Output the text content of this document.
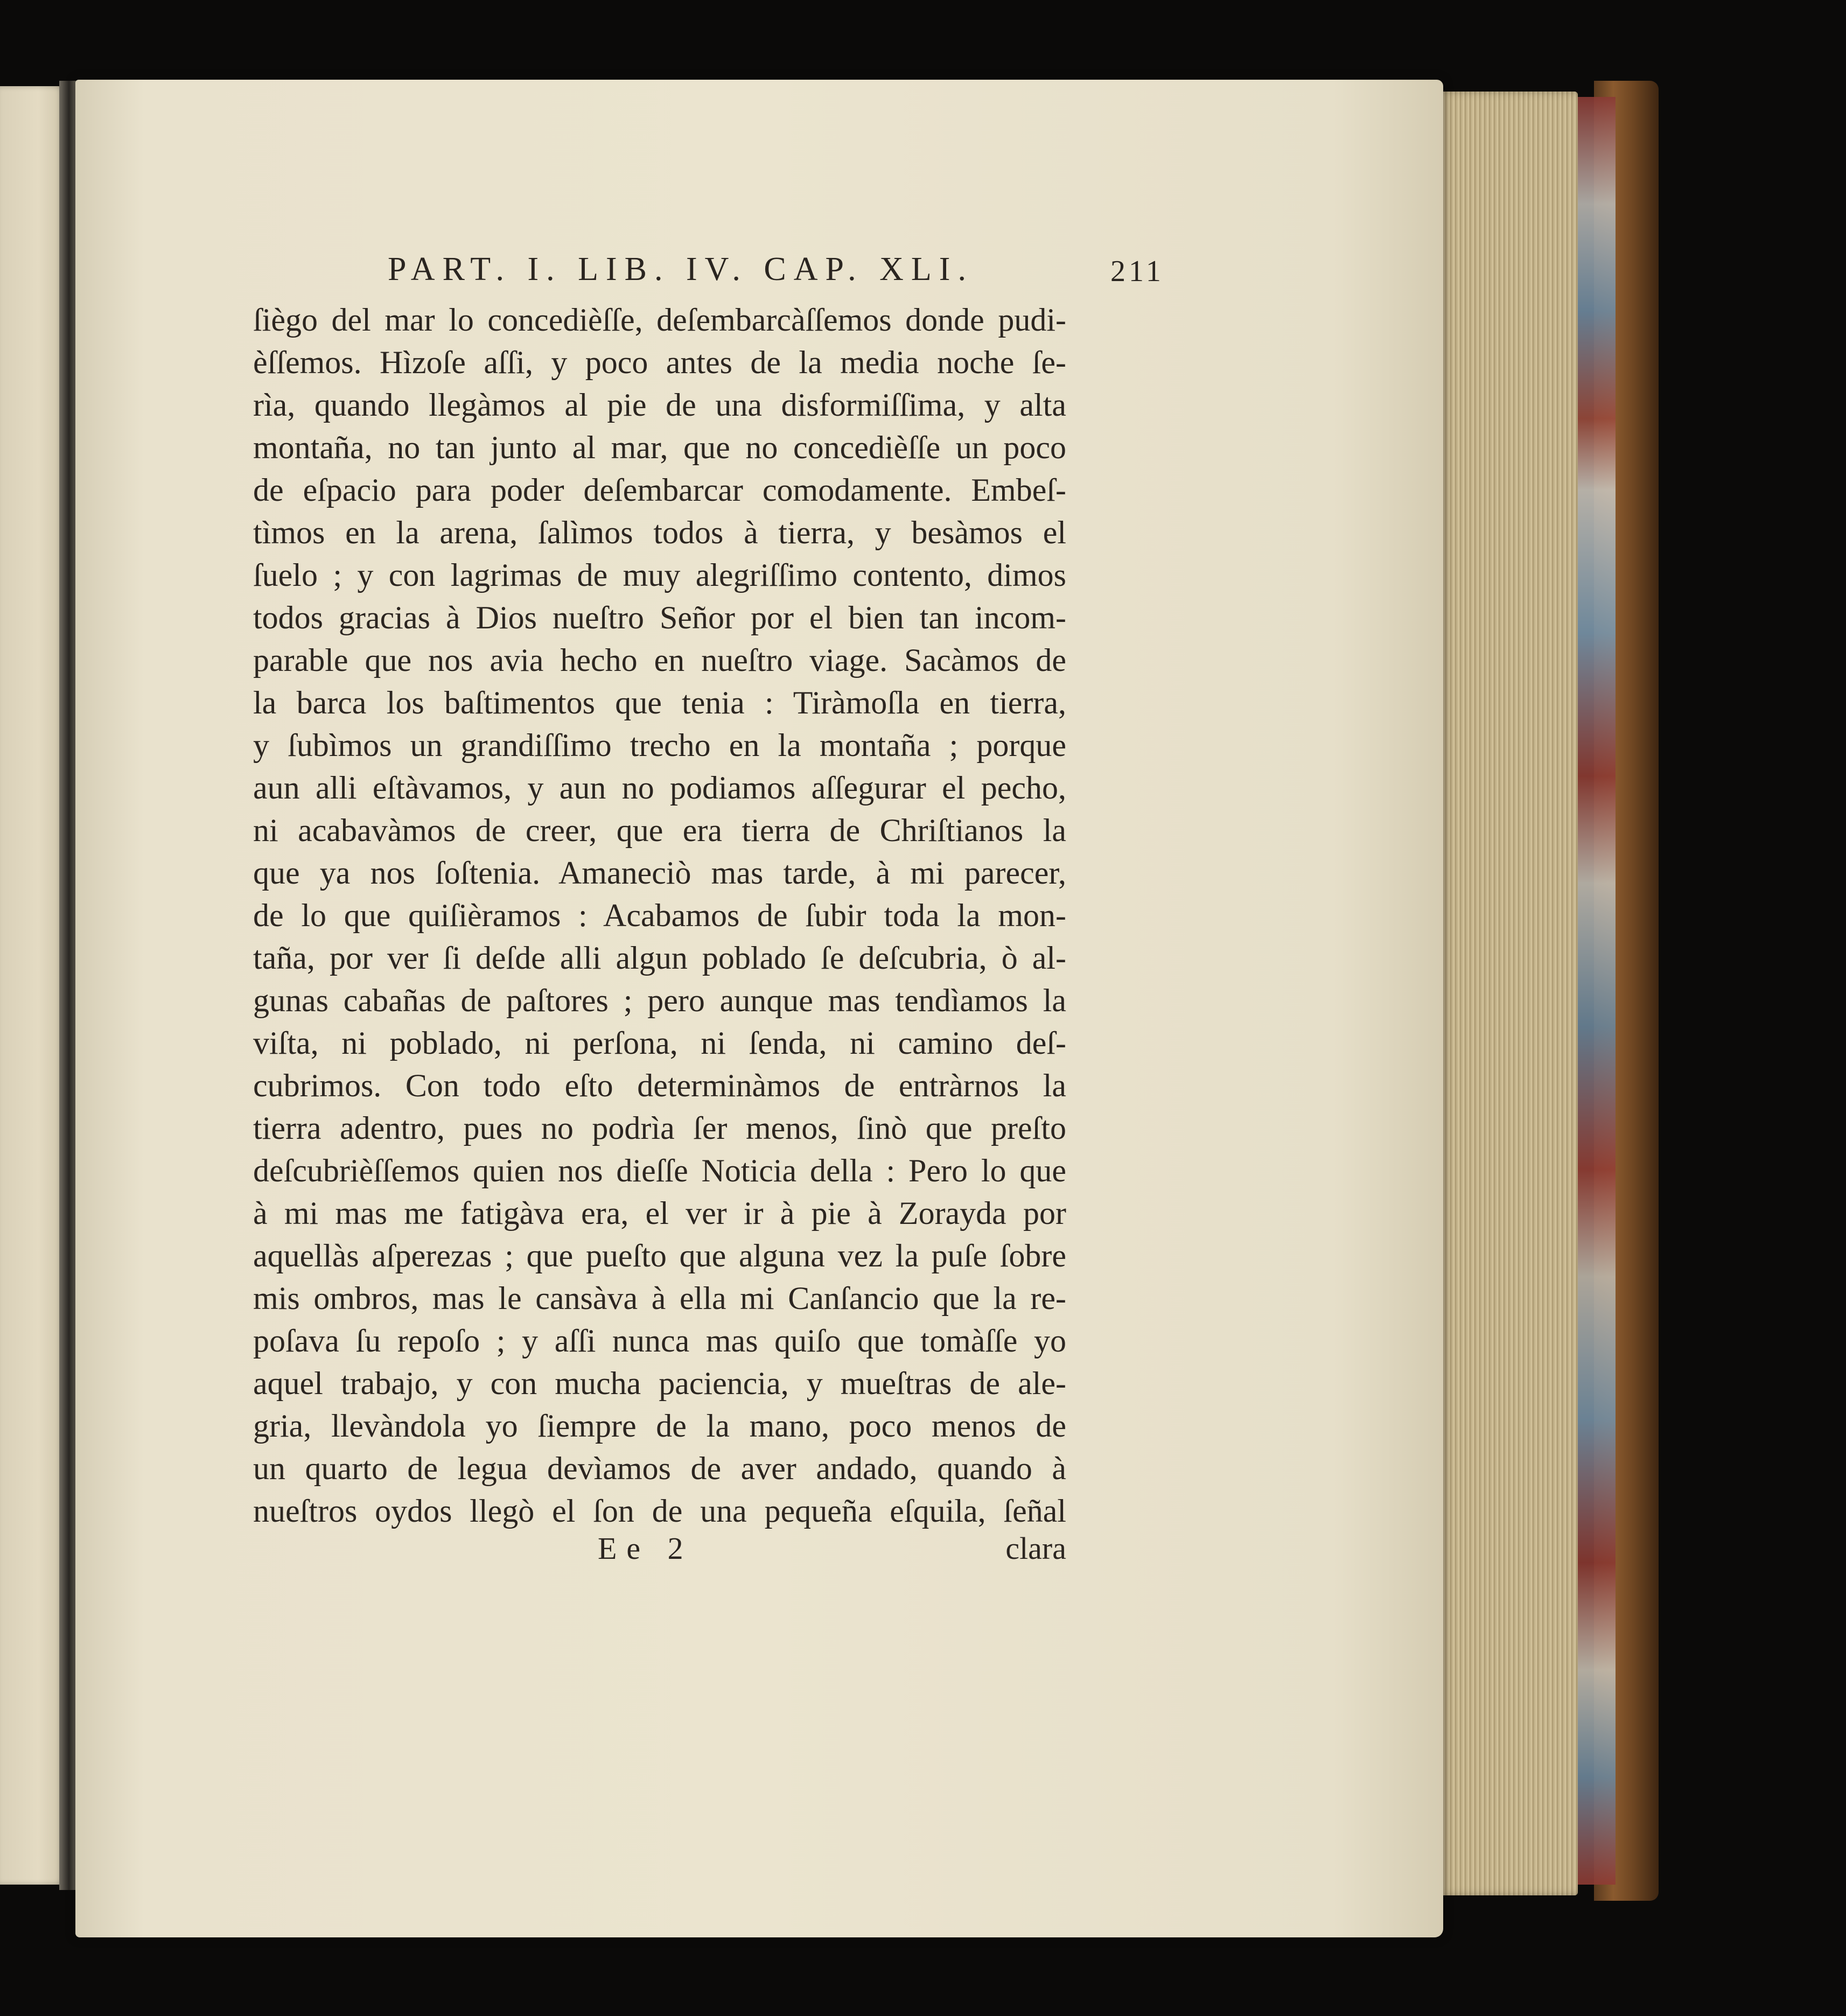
PART. I. LIB. IV. CAP. XLI.	211
ſiègo del mar lo concedièſſe, deſembarcàſſemos donde pudi-
èſſemos. Hìzoſe aſſi, y poco antes de la media noche ſe-
rìa, quando llegàmos al pie de una disformiſſima, y alta
montaña, no tan junto al mar, que no concedièſſe un poco
de eſpacio para poder deſembarcar comodamente. Embeſ-
tìmos en la arena, ſalìmos todos à tierra, y besàmos el
ſuelo ; y con lagrimas de muy alegriſſimo contento, dimos
todos gracias à Dios nueſtro Señor por el bien tan incom-
parable que nos avia hecho en nueſtro viage. Sacàmos de
la barca los baſtimentos que tenia : Tiràmoſla en tierra,
y ſubìmos un grandiſſimo trecho en la montaña ; porque
aun alli eſtàvamos, y aun no podiamos aſſegurar el pecho,
ni acabavàmos de creer, que era tierra de Chriſtianos la
que ya nos ſoſtenia. Amaneciò mas tarde, à mi parecer,
de lo que quiſièramos : Acabamos de ſubir toda la mon-
taña, por ver ſi deſde alli algun poblado ſe deſcubria, ò al-
gunas cabañas de paſtores ; pero aunque mas tendìamos la
viſta, ni poblado, ni perſona, ni ſenda, ni camino deſ-
cubrimos. Con todo eſto determinàmos de entràrnos la
tierra adentro, pues no podrìa ſer menos, ſinò que preſto
deſcubrièſſemos quien nos dieſſe Noticia della : Pero lo que
à mi mas me fatigàva era, el ver ir à pie à Zorayda por
aquellàs aſperezas ; que pueſto que alguna vez la puſe ſobre
mis ombros, mas le cansàva à ella mi Canſancio que la re-
poſava ſu repoſo ; y aſſi nunca mas quiſo que tomàſſe yo
aquel trabajo, y con mucha paciencia, y mueſtras de ale-
gria, llevàndola yo ſiempre de la mano, poco menos de
un quarto de legua devìamos de aver andado, quando à
nueſtros oydos llegò el ſon de una pequeña eſquila, ſeñal
Ee 2	clara
